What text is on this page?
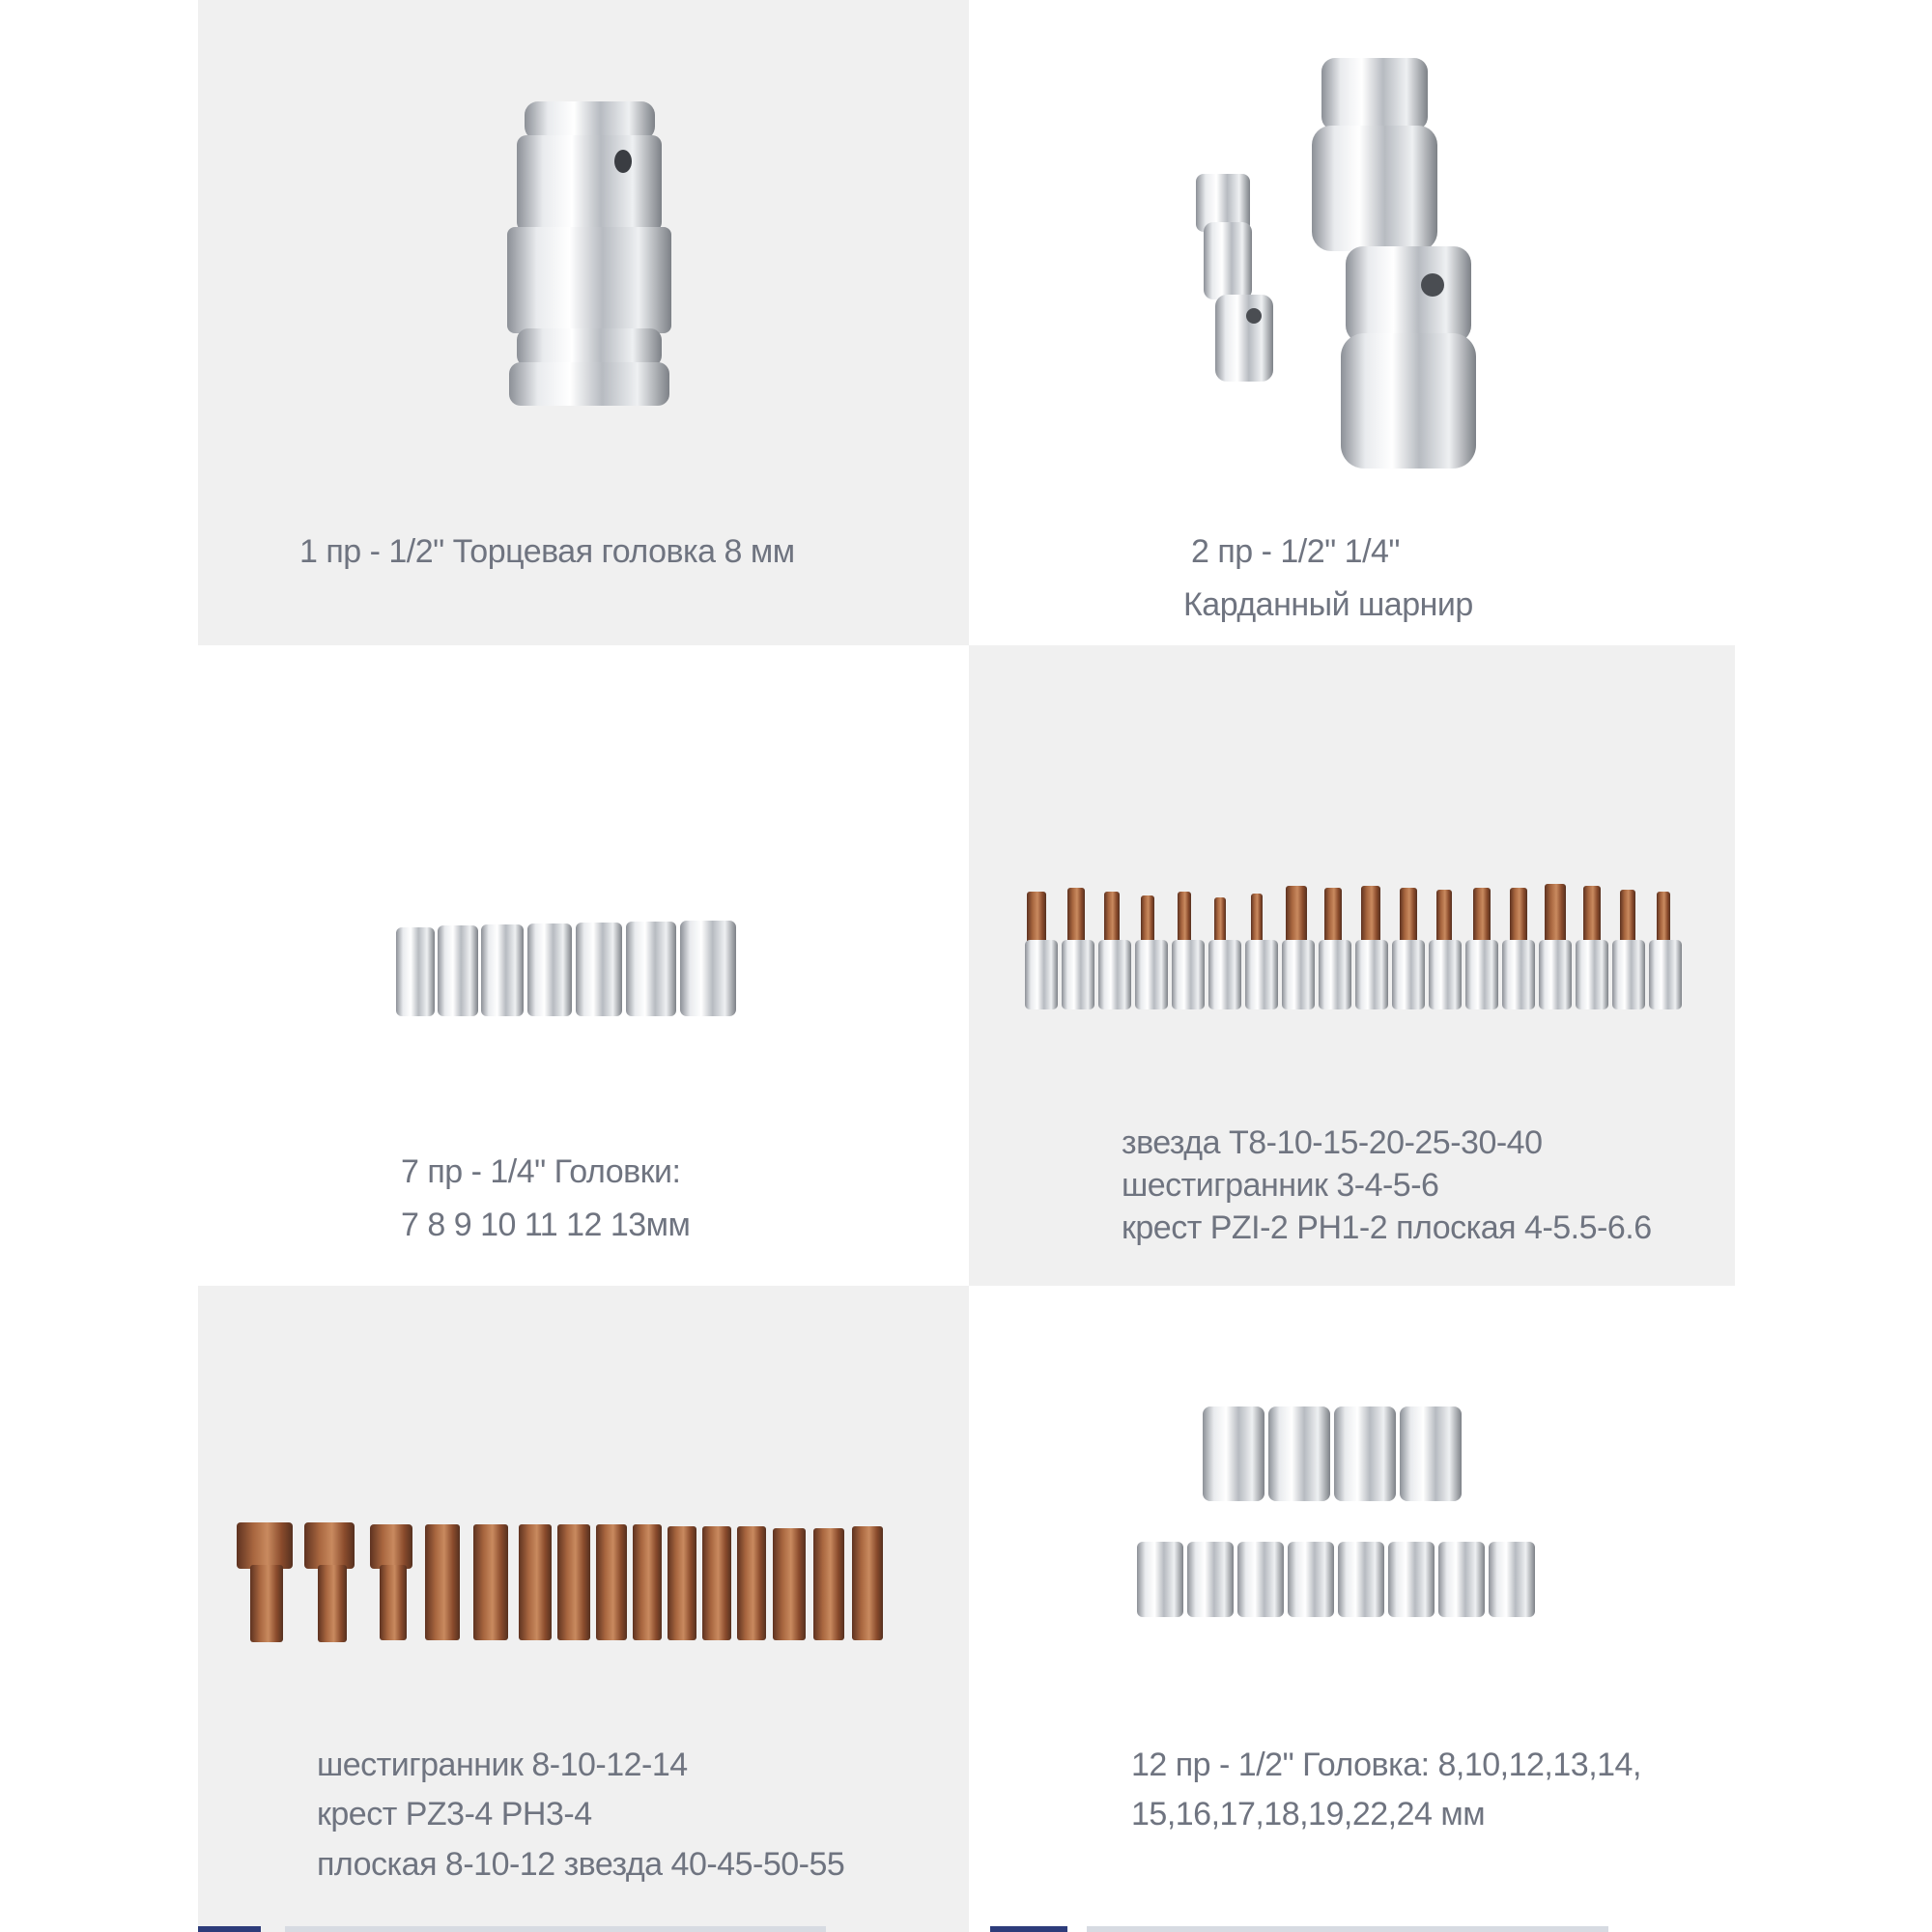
1 пр - 1/2" Торцевая головка 8 мм	2 пр - 1/2" 1/4"
Карданный шарнир
7 пр - 1/4" Головки:
7 8 9 10 11 12 13мм
звезда T8-10-15-20-25-30-40
шестигранник 3-4-5-6
крест PZI-2 PH1-2 плоская 4-5.5-6.6
шестигранник 8-10-12-14
крест PZ3-4 PH3-4
плоская 8-10-12 звезда 40-45-50-55
12 пр - 1/2" Головка: 8,10,12,13,14,
15,16,17,18,19,22,24 мм
